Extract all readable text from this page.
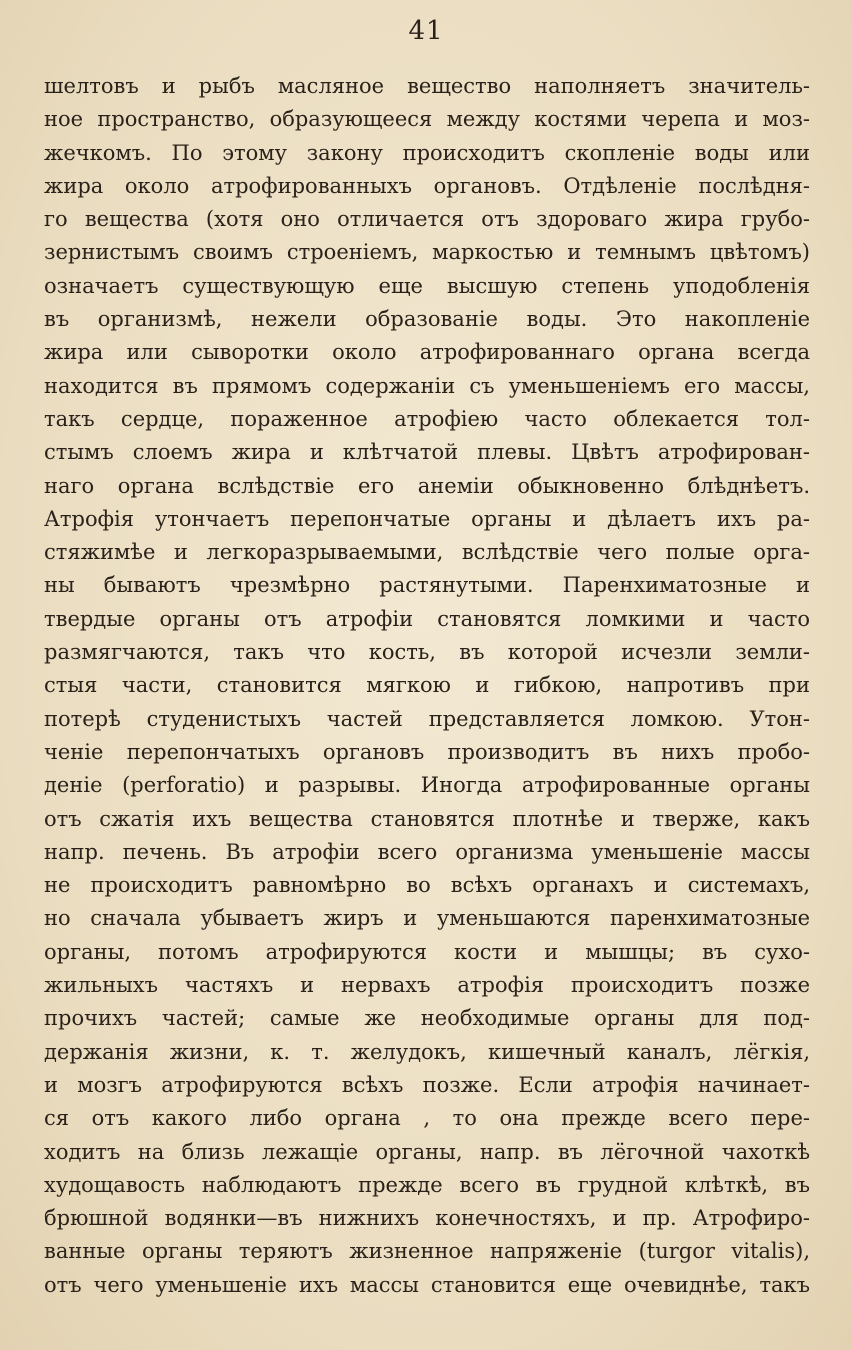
41
шелтовъ и рыбъ масляное вещество наполняетъ значитель-
ное пространство, образующееся между костями черепа и моз-
жечкомъ. По этому закону происходитъ скопленіе воды или
жира около атрофированныхъ органовъ. Отдѣленіе послѣдня-
го вещества (хотя оно отличается отъ здороваго жира грубо-
зернистымъ своимъ строеніемъ, маркостью и темнымъ цвѣтомъ)
означаетъ существующую еще высшую степень уподобленія
въ организмѣ, нежели образованіе воды. Это накопленіе
жира или сыворотки около атрофированнаго органа всегда
находится въ прямомъ содержаніи съ уменьшеніемъ его массы,
такъ сердце, пораженное атрофіею часто облекается тол-
стымъ слоемъ жира и клѣтчатой плевы. Цвѣтъ атрофирован-
наго органа вслѣдствіе его анеміи обыкновенно блѣднѣетъ.
Атрофія утончаетъ перепончатые органы и дѣлаетъ ихъ ра-
стяжимѣе и легкоразрываемыми, вслѣдствіе чего полые орга-
ны бываютъ чрезмѣрно растянутыми. Паренхиматозные и
твердые органы отъ атрофіи становятся ломкими и часто
размягчаются, такъ что кость, въ которой исчезли земли-
стыя части, становится мягкою и гибкою, напротивъ при
потерѣ студенистыхъ частей представляется ломкою. Утон-
ченіе перепончатыхъ органовъ производитъ въ нихъ пробо-
деніе (perforatio) и разрывы. Иногда атрофированные органы
отъ сжатія ихъ вещества становятся плотнѣе и тверже, какъ
напр. печень. Въ атрофіи всего организма уменьшеніе массы
не происходитъ равномѣрно во всѣхъ органахъ и системахъ,
но сначала убываетъ жиръ и уменьшаются паренхиматозные
органы, потомъ атрофируются кости и мышцы; въ сухо-
жильныхъ частяхъ и нервахъ атрофія происходитъ позже
прочихъ частей; самые же необходимые органы для под-
держанія жизни, к. т. желудокъ, кишечный каналъ, лёгкія,
и мозгъ атрофируются всѣхъ позже. Если атрофія начинает-
ся отъ какого либо органа , то она прежде всего пере-
ходитъ на близь лежащіе органы, напр. въ лёгочной чахоткѣ
худощавость наблюдаютъ прежде всего въ грудной клѣткѣ, въ
брюшной водянки—въ нижнихъ конечностяхъ, и пр. Атрофиро-
ванные органы теряютъ жизненное напряженіе (turgor vitalis),
отъ чего уменьшеніе ихъ массы становится еще очевиднѣе, такъ
